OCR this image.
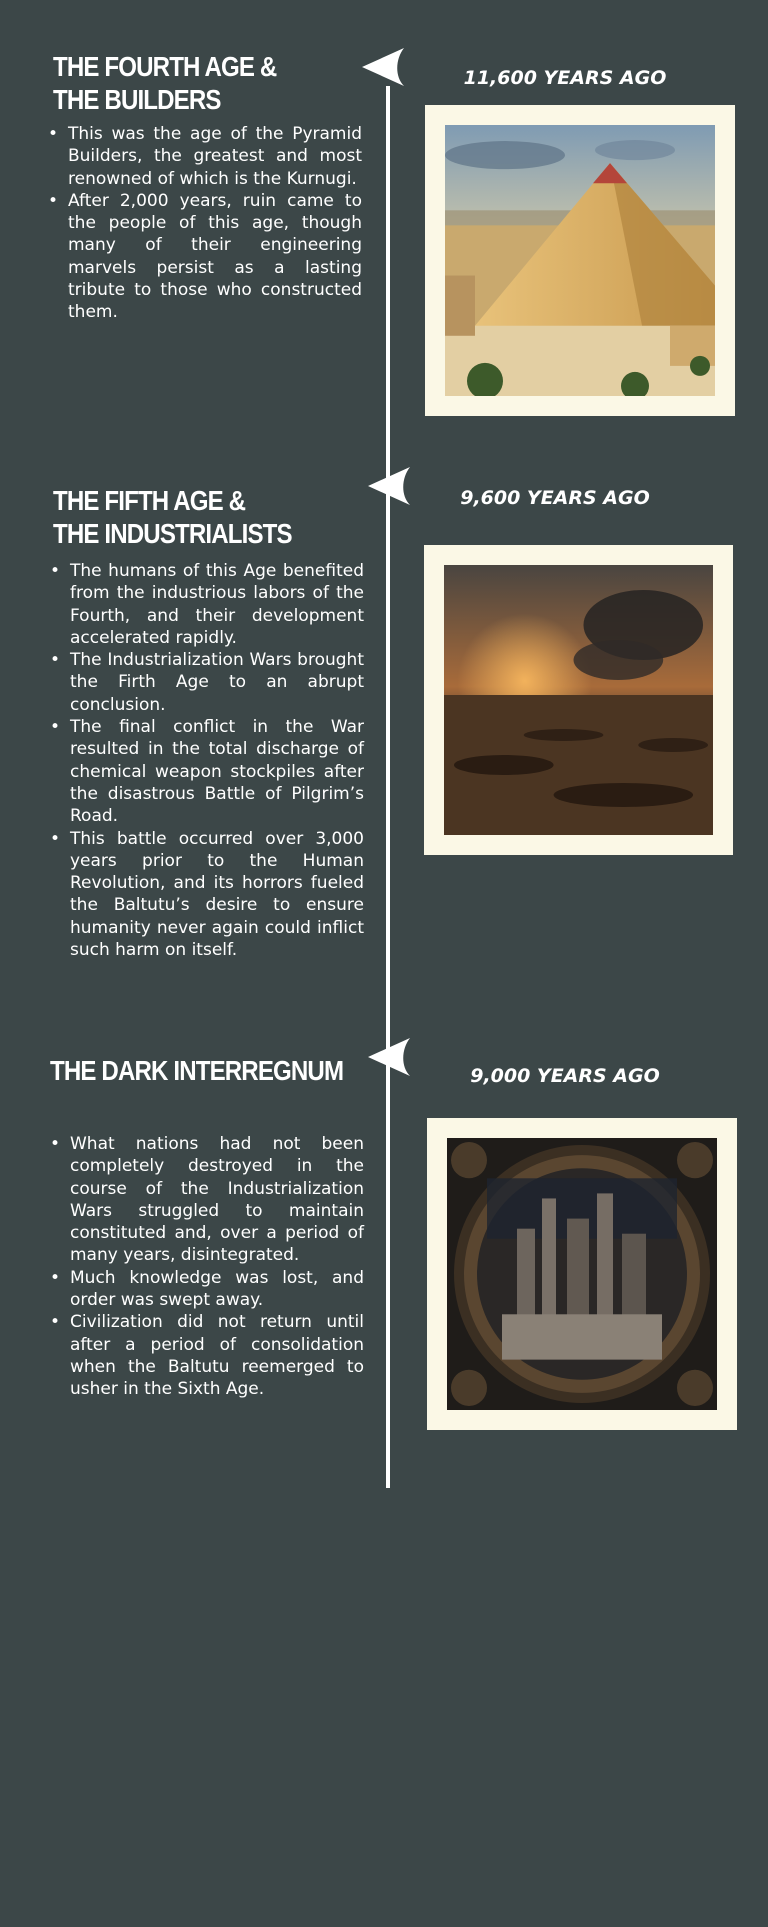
THE FOURTH AGE &
THE BUILDERS
11,600 YEARS AGO
• This was the age of the Pyramid Builders, the greatest and most renowned of which is the Kurnugi.
• After 2,000 years, ruin came to the people of this age, though many of their engineering marvels persist as a lasting tribute to those who constructed them.
THE FIFTH AGE &
THE INDUSTRIALISTS
9,600 YEARS AGO
• The humans of this Age benefited from the industrious labors of the Fourth, and their development accelerated rapidly.
• The Industrialization Wars brought the Firth Age to an abrupt conclusion.
• The final conflict in the War resulted in the total discharge of chemical weapon stockpiles after the disastrous Battle of Pilgrim’s Road.
• This battle occurred over 3,000 years prior to the Human Revolution, and its horrors fueled the Baltutu’s desire to ensure humanity never again could inflict such harm on itself.
THE DARK INTERREGNUM	9,000 YEARS AGO
• What nations had not been completely destroyed in the course of the Industrialization Wars struggled to maintain constituted and, over a period of many years, disintegrated.
• Much knowledge was lost, and order was swept away.
• Civilization did not return until after a period of consolidation when the Baltutu reemerged to usher in the Sixth Age.
